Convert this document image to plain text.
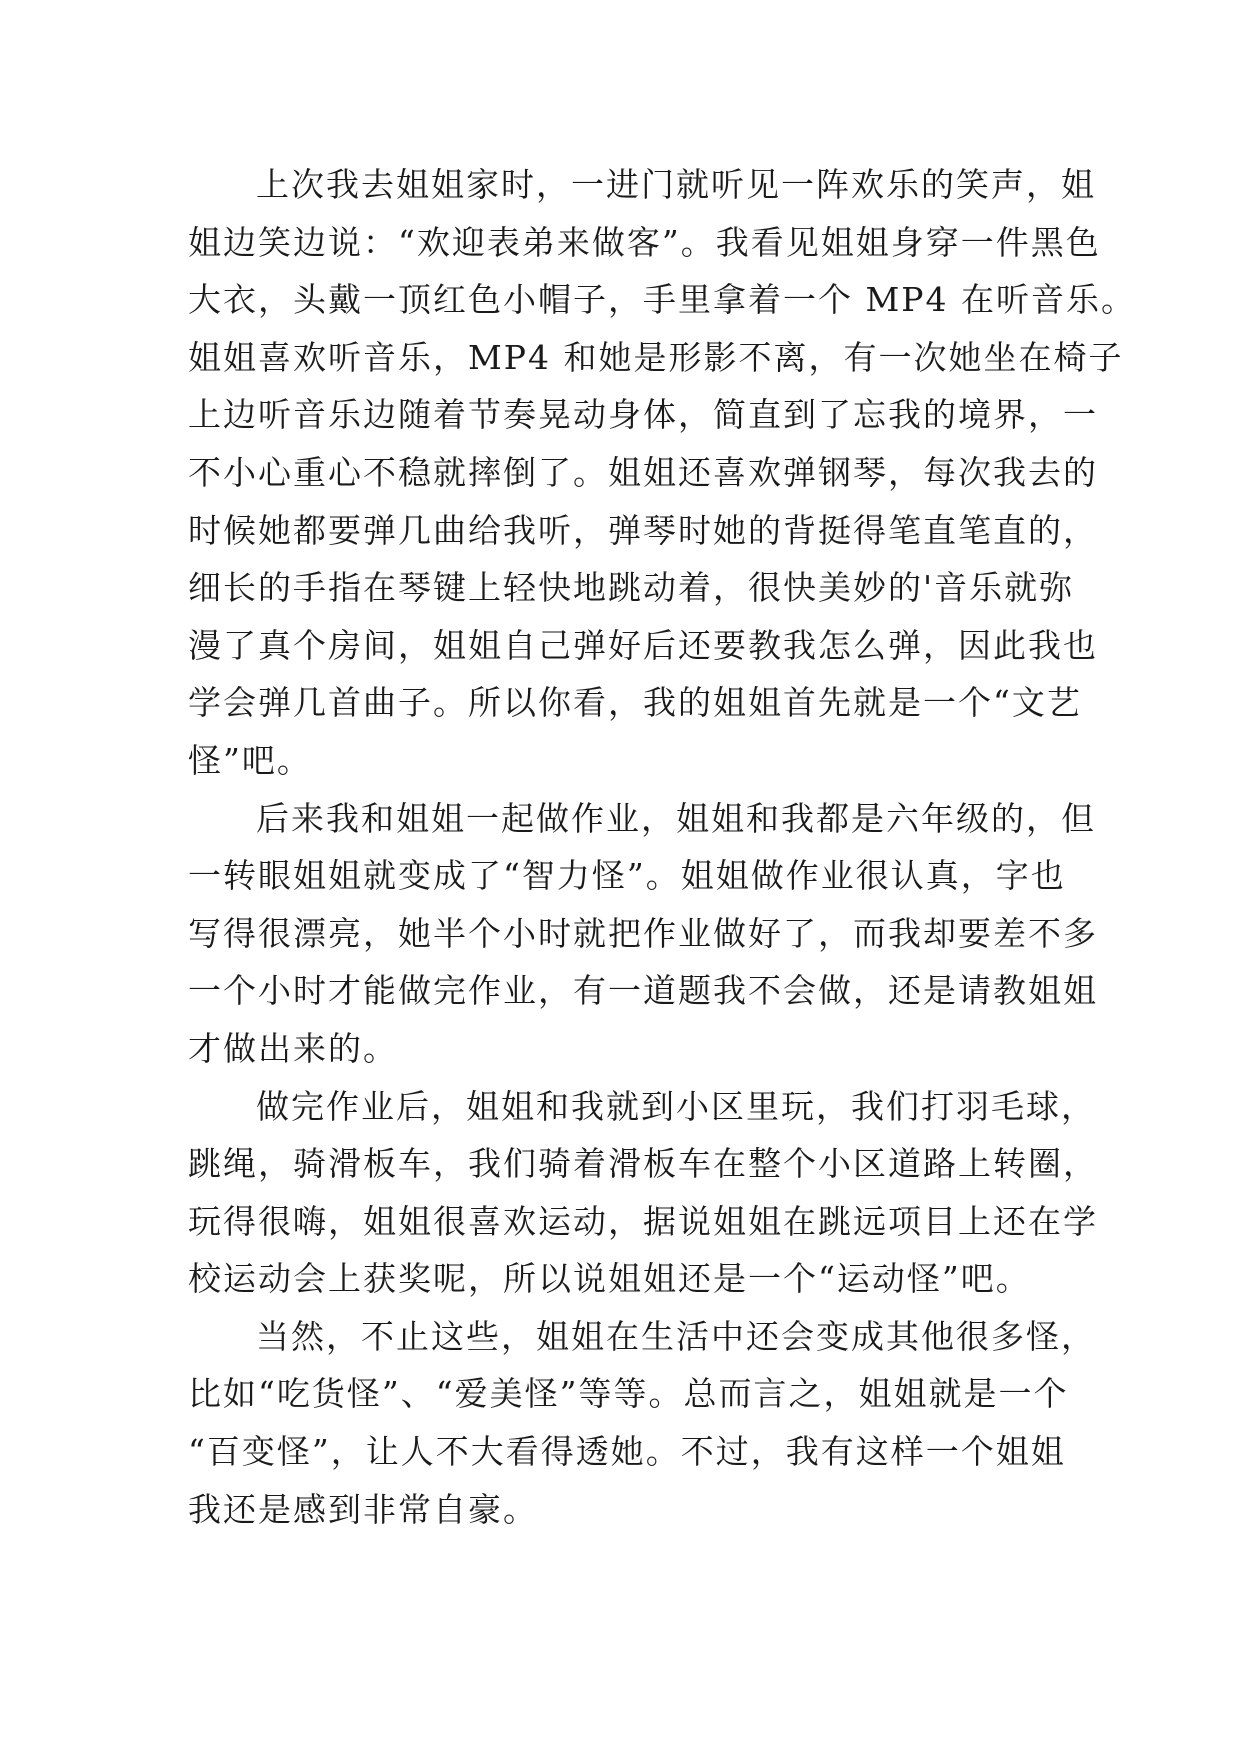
上次我去姐姐家时，一进门就听见一阵欢乐的笑声，姐
姐边笑边说：“欢迎表弟来做客”。我看见姐姐身穿一件黑色
大衣，头戴一顶红色小帽子，手里拿着一个 MP4 在听音乐。
姐姐喜欢听音乐，MP4 和她是形影不离，有一次她坐在椅子
上边听音乐边随着节奏晃动身体，简直到了忘我的境界，一
不小心重心不稳就摔倒了。姐姐还喜欢弹钢琴，每次我去的
时候她都要弹几曲给我听，弹琴时她的背挺得笔直笔直的，
细长的手指在琴键上轻快地跳动着，很快美妙的'音乐就弥
漫了真个房间，姐姐自己弹好后还要教我怎么弹，因此我也
学会弹几首曲子。所以你看，我的姐姐首先就是一个“文艺
怪”吧。
后来我和姐姐一起做作业，姐姐和我都是六年级的，但
一转眼姐姐就变成了“智力怪”。姐姐做作业很认真，字也
写得很漂亮，她半个小时就把作业做好了，而我却要差不多
一个小时才能做完作业，有一道题我不会做，还是请教姐姐
才做出来的。
做完作业后，姐姐和我就到小区里玩，我们打羽毛球，
跳绳，骑滑板车，我们骑着滑板车在整个小区道路上转圈，
玩得很嗨，姐姐很喜欢运动，据说姐姐在跳远项目上还在学
校运动会上获奖呢，所以说姐姐还是一个“运动怪”吧。
当然，不止这些，姐姐在生活中还会变成其他很多怪，
比如“吃货怪”、“爱美怪”等等。总而言之，姐姐就是一个
“百变怪”，让人不大看得透她。不过，我有这样一个姐姐
我还是感到非常自豪。
